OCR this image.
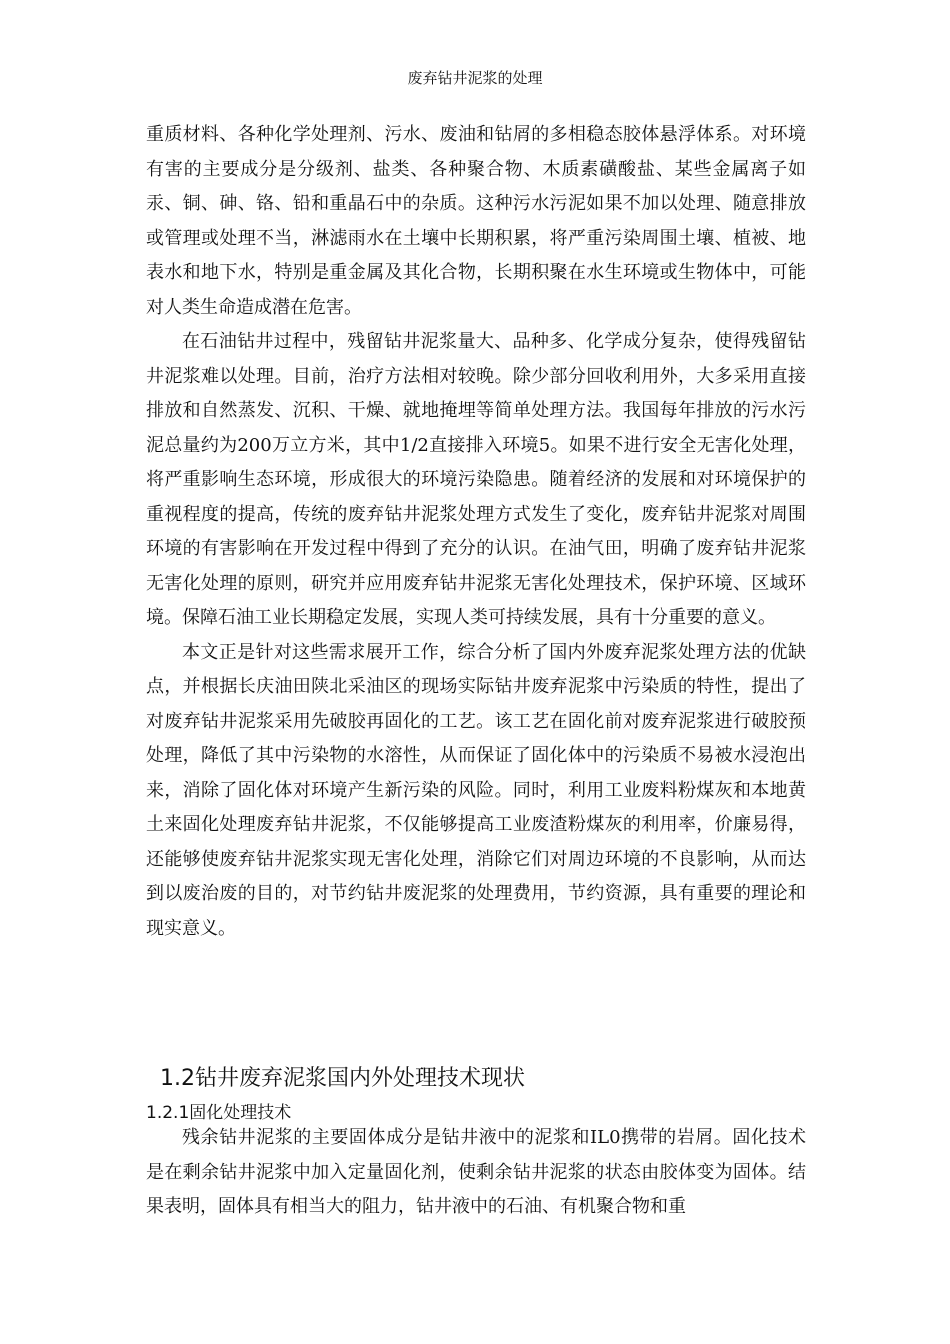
废弃钻井泥浆的处理

重质材料、各种化学处理剂、污水、废油和钻屑的多相稳态胶体悬浮体系。对环境有害的主要成分是分级剂、盐类、各种聚合物、木质素磺酸盐、某些金属离子如汞、铜、砷、铬、铅和重晶石中的杂质。这种污水污泥如果不加以处理、随意排放或管理或处理不当，淋滤雨水在土壤中长期积累，将严重污染周围土壤、植被、地表水和地下水，特别是重金属及其化合物，长期积聚在水生环境或生物体中，可能对人类生命造成潜在危害。

在石油钻井过程中，残留钻井泥浆量大、品种多、化学成分复杂，使得残留钻井泥浆难以处理。目前，治疗方法相对较晚。除少部分回收利用外，大多采用直接排放和自然蒸发、沉积、干燥、就地掩埋等简单处理方法。我国每年排放的污水污泥总量约为200万立方米，其中1/2直接排入环境5。如果不进行安全无害化处理，将严重影响生态环境，形成很大的环境污染隐患。随着经济的发展和对环境保护的重视程度的提高，传统的废弃钻井泥浆处理方式发生了变化，废弃钻井泥浆对周围环境的有害影响在开发过程中得到了充分的认识。在油气田，明确了废弃钻井泥浆无害化处理的原则，研究并应用废弃钻井泥浆无害化处理技术，保护环境、区域环境。保障石油工业长期稳定发展，实现人类可持续发展，具有十分重要的意义。

本文正是针对这些需求展开工作，综合分析了国内外废弃泥浆处理方法的优缺点，并根据长庆油田陕北采油区的现场实际钻井废弃泥浆中污染质的特性，提出了对废弃钻井泥浆采用先破胶再固化的工艺。该工艺在固化前对废弃泥浆进行破胶预处理，降低了其中污染物的水溶性，从而保证了固化体中的污染质不易被水浸泡出来，消除了固化体对环境产生新污染的风险。同时，利用工业废料粉煤灰和本地黄土来固化处理废弃钻井泥浆，不仅能够提高工业废渣粉煤灰的利用率，价廉易得，还能够使废弃钻井泥浆实现无害化处理，消除它们对周边环境的不良影响，从而达到以废治废的目的，对节约钻井废泥浆的处理费用，节约资源，具有重要的理论和现实意义。

1.2钻井废弃泥浆国内外处理技术现状
1.2.1固化处理技术

残余钻井泥浆的主要固体成分是钻井液中的泥浆和IL0携带的岩屑。固化技术是在剩余钻井泥浆中加入定量固化剂，使剩余钻井泥浆的状态由胶体变为固体。结果表明，固体具有相当大的阻力，钻井液中的石油、有机聚合物和重
